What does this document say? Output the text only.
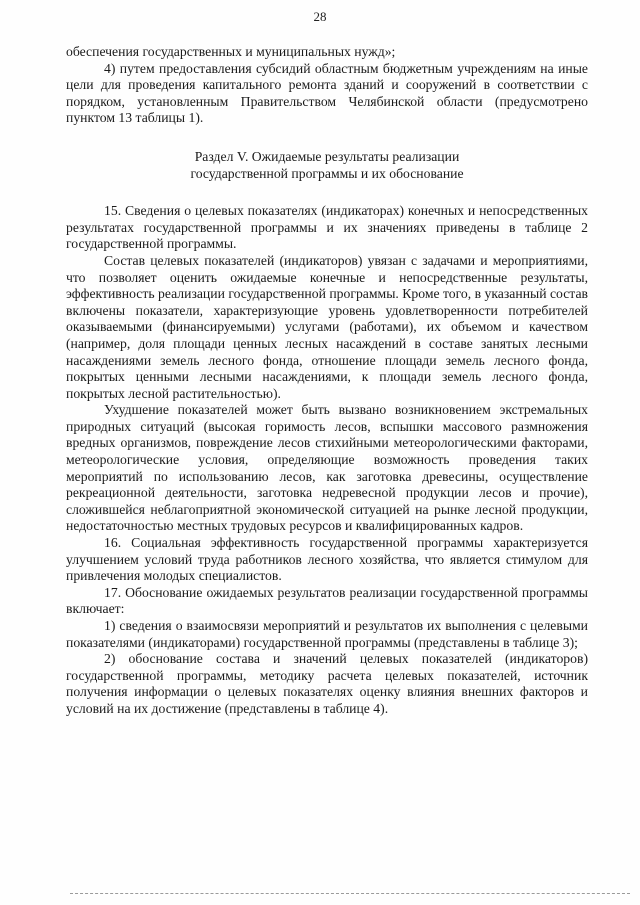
28

обеспечения государственных и муниципальных нужд»;

4) путем предоставления субсидий областным бюджетным учреждениям на иные цели для проведения капитального ремонта зданий и сооружений в соответствии с порядком, установленным Правительством Челябинской области (предусмотрено пунктом 13 таблицы 1).

Раздел V. Ожидаемые результаты реализации
государственной программы и их обоснование

15. Сведения о целевых показателях (индикаторах) конечных и непосредственных результатах государственной программы и их значениях приведены в таблице 2 государственной программы.

Состав целевых показателей (индикаторов) увязан с задачами и мероприятиями, что позволяет оценить ожидаемые конечные и непосредственные результаты, эффективность реализации государственной программы. Кроме того, в указанный состав включены показатели, характеризующие уровень удовлетворенности потребителей оказываемыми (финансируемыми) услугами (работами), их объемом и качеством (например, доля площади ценных лесных насаждений в составе занятых лесными насаждениями земель лесного фонда, отношение площади земель лесного фонда, покрытых ценными лесными насаждениями, к площади земель лесного фонда, покрытых лесной растительностью).

Ухудшение показателей может быть вызвано возникновением экстремальных природных ситуаций (высокая горимость лесов, вспышки массового размножения вредных организмов, повреждение лесов стихийными метеорологическими факторами, метеорологические условия, определяющие возможность проведения таких мероприятий по использованию лесов, как заготовка древесины, осуществление рекреационной деятельности, заготовка недревесной продукции лесов и прочие), сложившейся неблагоприятной экономической ситуацией на рынке лесной продукции, недостаточностью местных трудовых ресурсов и квалифицированных кадров.

16. Социальная эффективность государственной программы характеризуется улучшением условий труда работников лесного хозяйства, что является стимулом для привлечения молодых специалистов.

17. Обоснование ожидаемых результатов реализации государственной программы включает:

1) сведения о взаимосвязи мероприятий и результатов их выполнения с целевыми показателями (индикаторами) государственной программы (представлены в таблице 3);

2) обоснование состава и значений целевых показателей (индикаторов) государственной программы, методику расчета целевых показателей, источник получения информации о целевых показателях оценку влияния внешних факторов и условий на их достижение (представлены в таблице 4).
